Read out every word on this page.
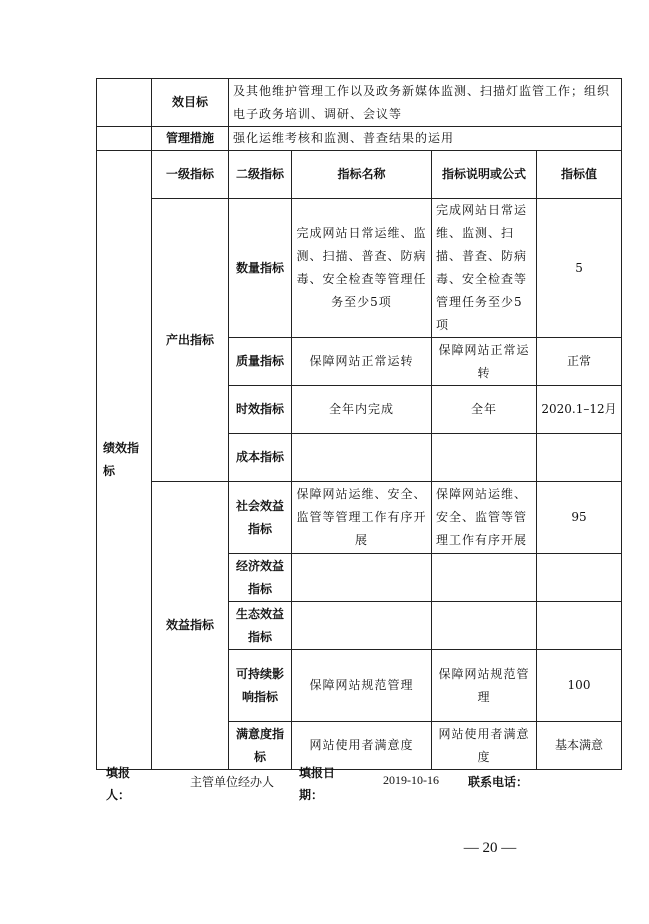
	效目标	及其他维护管理工作以及政务新媒体监测、扫描灯监管工作；组织电子政务培训、调研、会议等			
	管理措施	强化运维考核和监测、普查结果的运用			
绩效指标	一级指标	二级指标	指标名称	指标说明或公式	指标值
	产出指标	数量指标	完成网站日常运维、监测、扫描、普查、防病毒、安全检查等管理任务至少5项	完成网站日常运维、监测、扫描、普查、防病毒、安全检查等管理任务至少5项	5
		质量指标	保障网站正常运转	保障网站正常运转	正常
		时效指标	全年内完成	全年	2020.1–12月
		成本指标			
	效益指标	社会效益指标	保障网站运维、安全、监管等管理工作有序开展	保障网站运维、安全、监管等管理工作有序开展	95
		经济效益指标			
		生态效益指标			
		可持续影响指标	保障网站规范管理	保障网站规范管理	100
		满意度指标	网站使用者满意度	网站使用者满意度	基本满意
填报人：
主管单位经办人
填报日期：
2019-10-16	联系电话：
— 20 —
